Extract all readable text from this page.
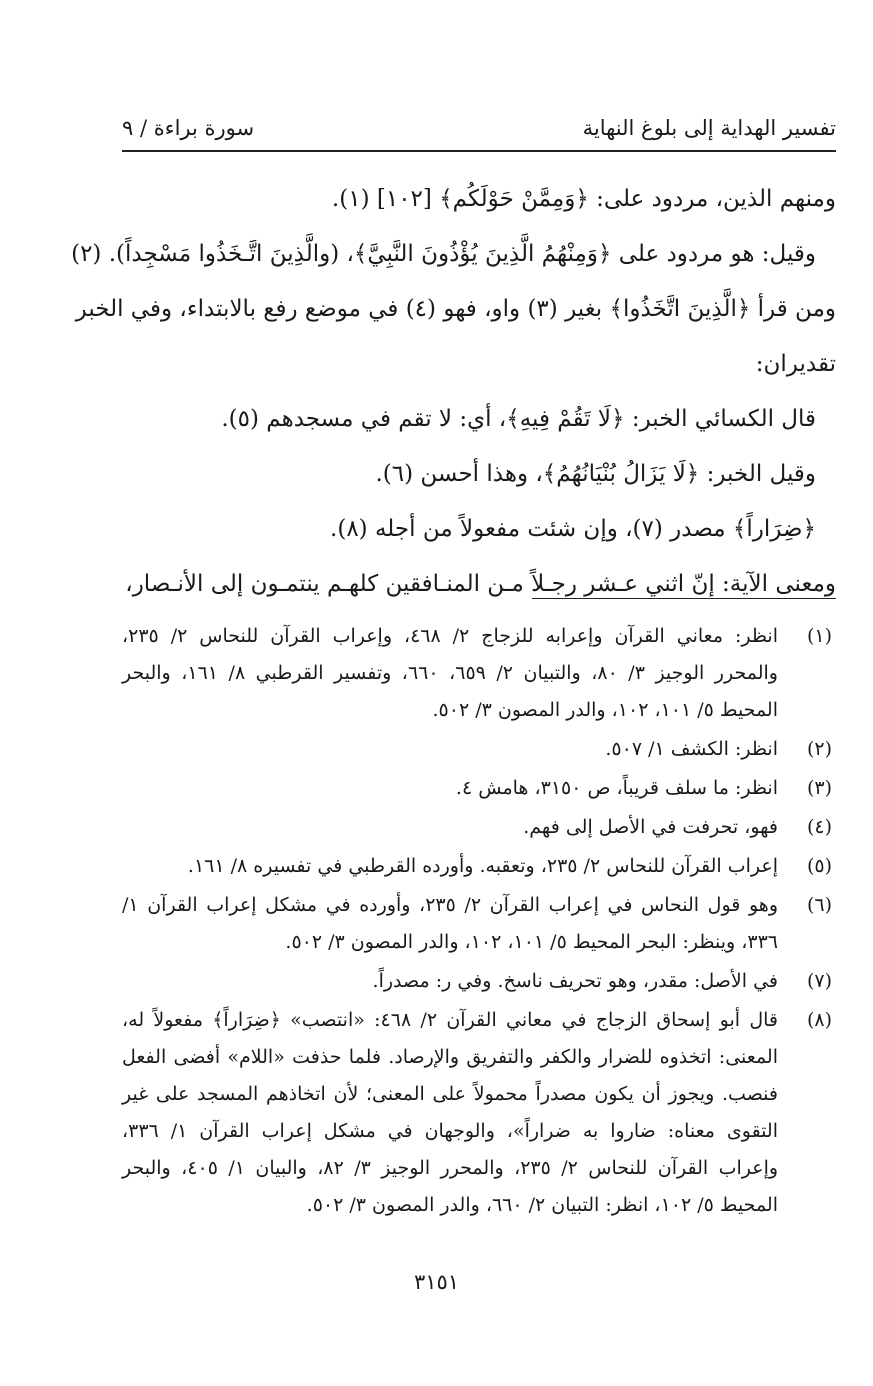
تفسير الهداية إلى بلوغ النهاية
سورة براءة / ٩

ومنهم الذين، مردود على: ﴿وَمِمَّنْ حَوْلَكُم﴾ [١٠٢] (١).

وقيل: هو مردود على ﴿وَمِنْهُمُ الَّذِينَ يُؤْذُونَ النَّبِيَّ﴾، (والَّذِينَ اتَّـخَذُوا مَسْجِداً). (٢)

ومن قرأ ﴿الَّذِينَ اتَّخَذُوا﴾ بغير (٣) واو، فهو (٤) في موضع رفع بالابتداء، وفي الخبر

تقديران:

قال الكسائي الخبر: ﴿لَا تَقُمْ فِيهِ﴾، أي: لا تقم في مسجدهم (٥).

وقيل الخبر: ﴿لَا يَزَالُ بُنْيَانُهُمُ﴾، وهذا أحسن (٦).

﴿ضِرَاراً﴾ مصدر (٧)، وإن شئت مفعولاً من أجله (٨).

ومعنى الآية: إنّ اثني عـشر رجـلاً مـن المنـافقين كلهـم ينتمـون إلى الأنـصار،

(١)
انظر: معاني القرآن وإعرابه للزجاج ٢/ ٤٦٨، وإعراب القرآن للنحاس ٢/ ٢٣٥، والمحرر الوجيز ٣/ ٨٠، والتبيان ٢/ ٦٥٩، ٦٦٠، وتفسير القرطبي ٨/ ١٦١، والبحر المحيط ٥/ ١٠١، ١٠٢، والدر المصون ٣/ ٥٠٢.
(٢)
انظر: الكشف ١/ ٥٠٧.
(٣)
انظر: ما سلف قريباً، ص ٣١٥٠، هامش ٤.
(٤)
فهو، تحرفت في الأصل إلى فهم.
(٥)
إعراب القرآن للنحاس ٢/ ٢٣٥، وتعقبه. وأورده القرطبي في تفسيره ٨/ ١٦١.
(٦)
وهو قول النحاس في إعراب القرآن ٢/ ٢٣٥، وأورده في مشكل إعراب القرآن ١/ ٣٣٦، وينظر: البحر المحيط ٥/ ١٠١، ١٠٢، والدر المصون ٣/ ٥٠٢.
(٧)
في الأصل: مقدر، وهو تحريف ناسخ. وفي ر: مصدراً.
(٨)
قال أبو إسحاق الزجاج في معاني القرآن ٢/ ٤٦٨: «انتصب» ﴿ضِرَاراً﴾ مفعولاً له، المعنى: اتخذوه للضرار والكفر والتفريق والإرصاد. فلما حذفت «اللام» أفضى الفعل فنصب. ويجوز أن يكون مصدراً محمولاً على المعنى؛ لأن اتخاذهم المسجد على غير التقوى معناه: ضاروا به ضراراً»، والوجهان في مشكل إعراب القرآن ١/ ٣٣٦، وإعراب القرآن للنحاس ٢/ ٢٣٥، والمحرر الوجيز ٣/ ٨٢، والبيان ١/ ٤٠٥، والبحر المحيط ٥/ ١٠٢، انظر: التبيان ٢/ ٦٦٠، والدر المصون ٣/ ٥٠٢.
٣١٥١
